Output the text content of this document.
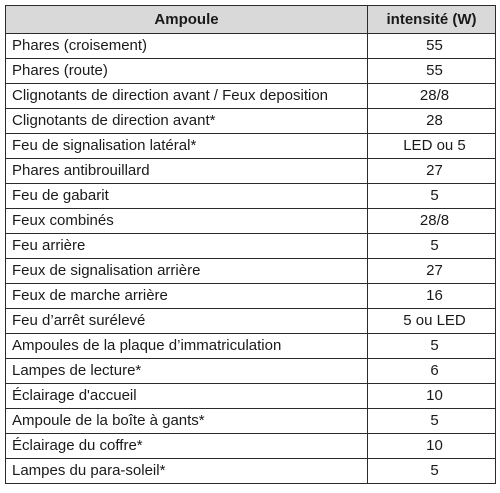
Ampoule	intensité (W)
Phares (croisement)	55
Phares (route)	55
Clignotants de direction avant / Feux deposition	28/8
Clignotants de direction avant*	28
Feu de signalisation latéral*	LED ou 5
Phares antibrouillard	27
Feu de gabarit	5
Feux combinés	28/8
Feu arrière	5
Feux de signalisation arrière	27
Feux de marche arrière	16
Feu d’arrêt surélevé	5 ou LED
Ampoules de la plaque d’immatriculation	5
Lampes de lecture*	6
Éclairage d'accueil	10
Ampoule de la boîte à gants*	5
Éclairage du coffre*	10
Lampes du para-soleil*	5
